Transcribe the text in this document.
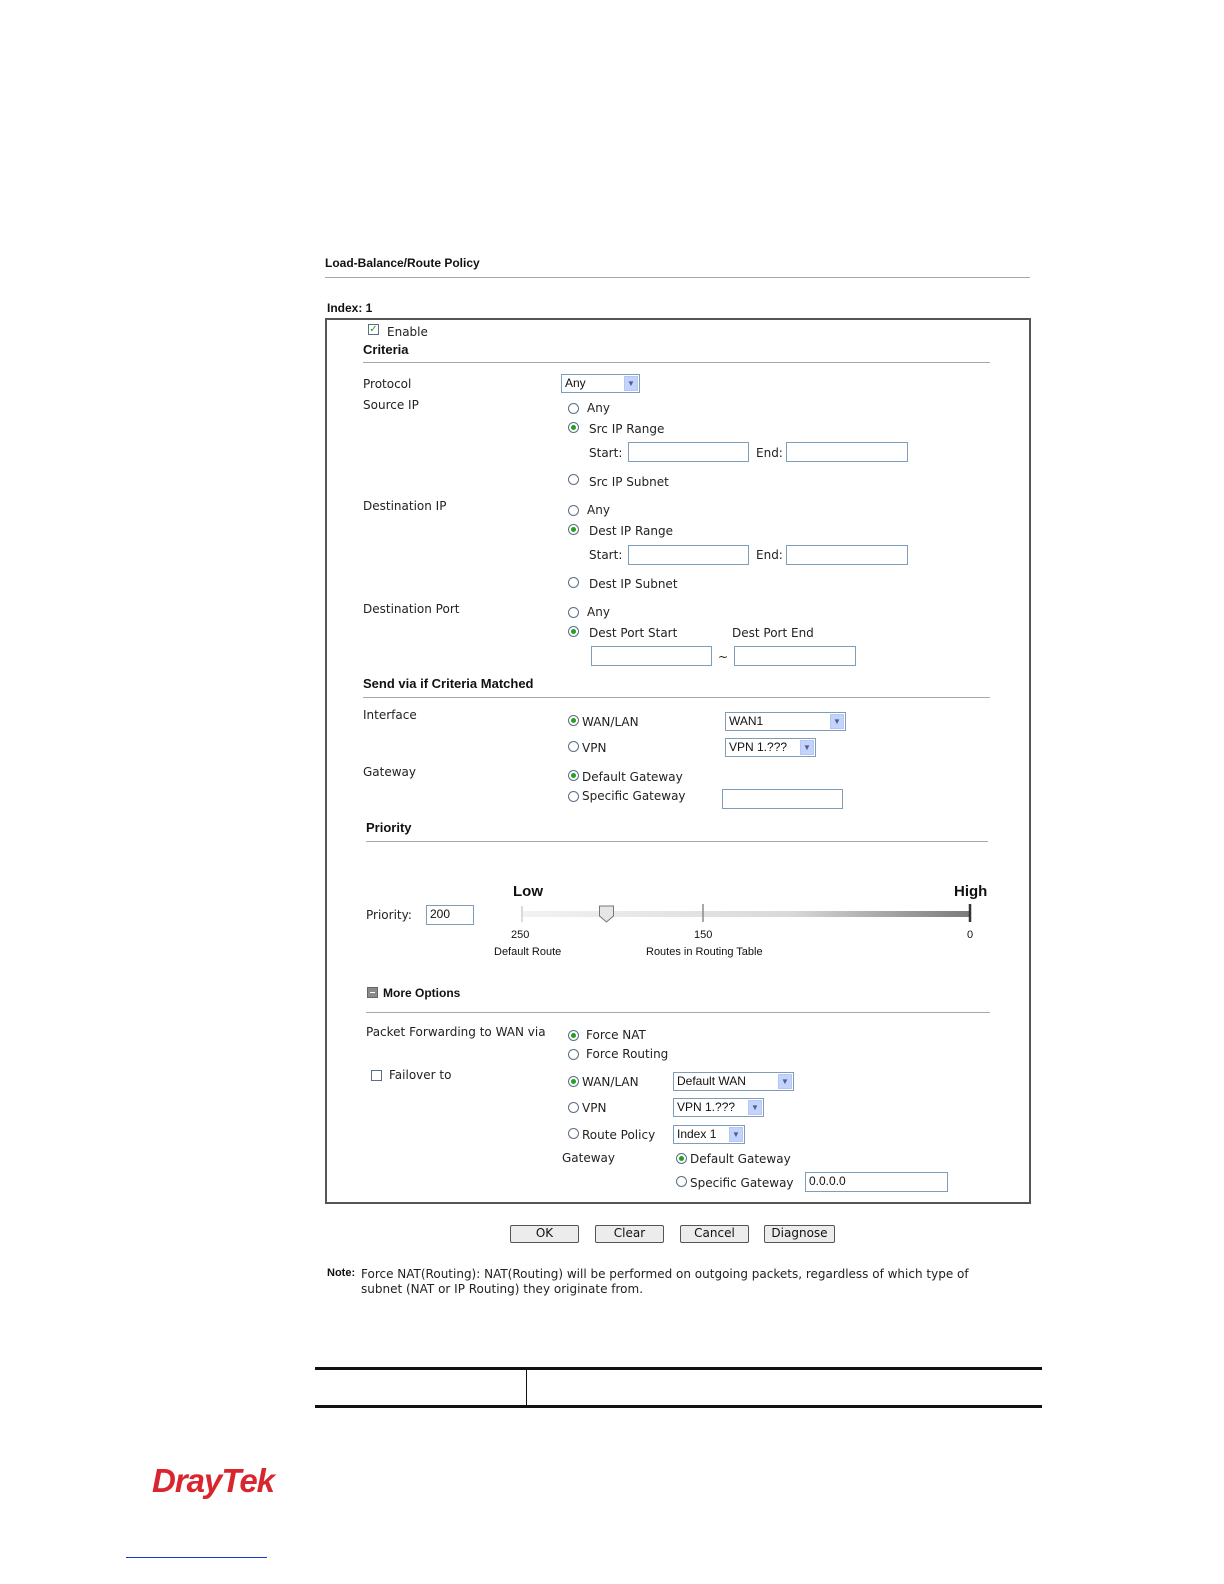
Load-Balance/Route Policy
Index: 1
✓ Enable
Criteria
Protocol	Any	▼
Source IP	Any
Src IP Range
Start:	End:
Src IP Subnet
Destination IP	Any
Dest IP Range
Start:	End:
Dest IP Subnet
Destination Port	Any
Dest Port Start	Dest Port End
~
Send via if Criteria Matched
Interface	WAN/LAN	WAN1	▼
VPN	VPN 1.???	▼
Gateway	Default Gateway
Specific Gateway
Priority
Low	High
Priority:	200
250	150	0
Default Route	Routes in Routing Table
More Options
Packet Forwarding to WAN via	Force NAT
Force Routing
Failover to	WAN/LAN	Default WAN	▼
VPN	VPN 1.???	▼
Route Policy	Index 1	▼
Gateway	Default Gateway
Specific Gateway	0.0.0.0
OK	Clear	Cancel	Diagnose
Note: Force NAT(Routing): NAT(Routing) will be performed on outgoing packets, regardless of which type of
subnet (NAT or IP Routing) they originate from.
DrayTek
